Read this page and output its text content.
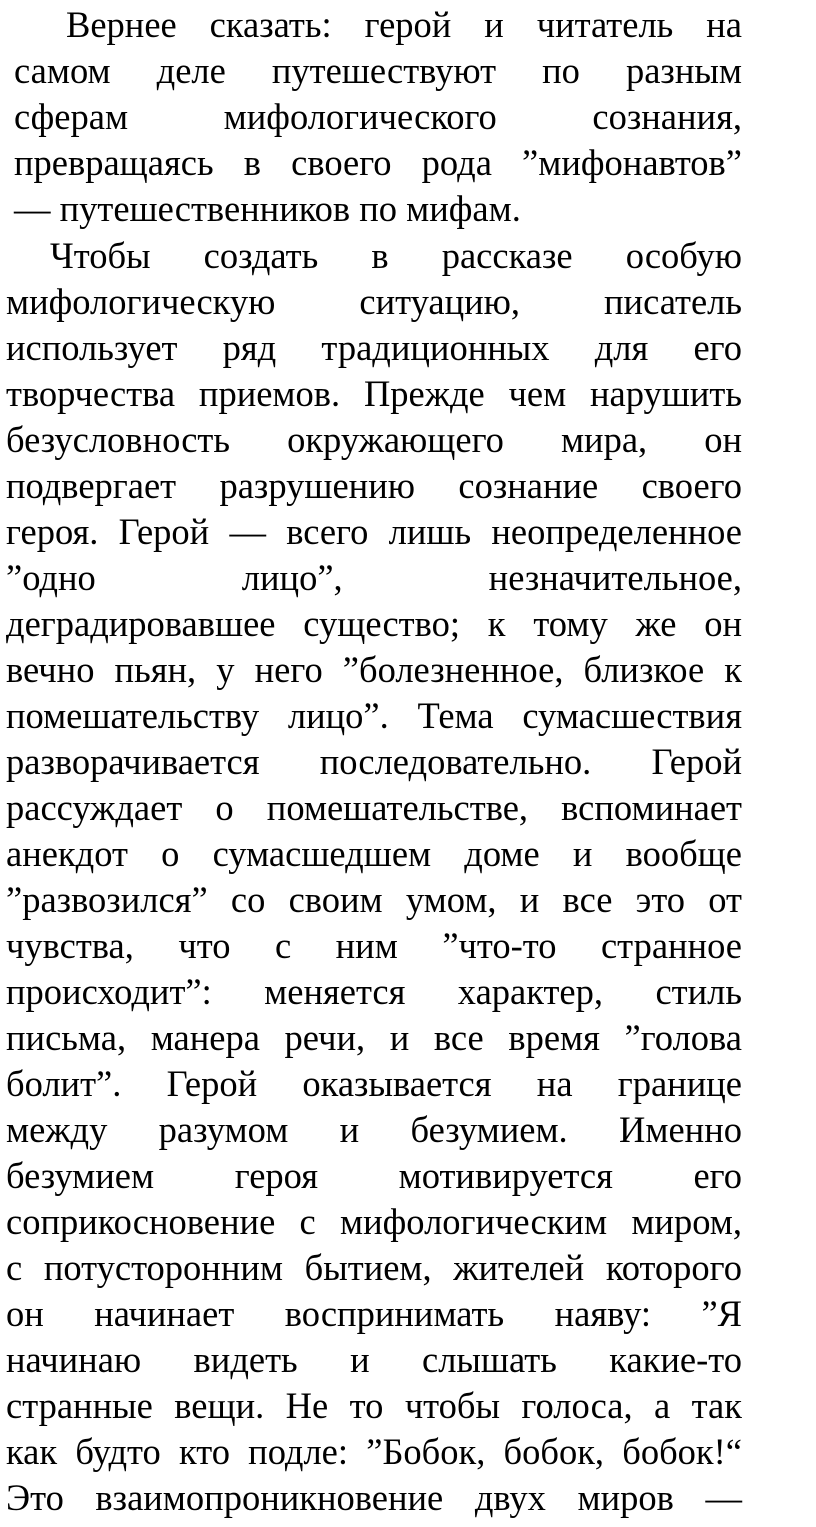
Вернее сказать: герой и читатель на
самом деле путешествуют по разным
сферам мифологического сознания,
превращаясь в своего рода ”мифонавтов”
— путешественников по мифам.
Чтобы создать в рассказе особую
мифологическую ситуацию, писатель
использует ряд традиционных для его
творчества приемов. Прежде чем нарушить
безусловность окружающего мира, он
подвергает разрушению сознание своего
героя. Герой — всего лишь неопределенное
”одно лицо”, незначительное,
деградировавшее существо; к тому же он
вечно пьян, у него ”болезненное, близкое к
помешательству лицо”. Тема сумасшествия
разворачивается последовательно. Герой
рассуждает о помешательстве, вспоминает
анекдот о сумасшедшем доме и вообще
”развозился” со своим умом, и все это от
чувства, что с ним ”что-то странное
происходит”: меняется характер, стиль
письма, манера речи, и все время ”голова
болит”. Герой оказывается на границе
между разумом и безумием. Именно
безумием героя мотивируется его
соприкосновение с мифологическим миром,
с потусторонним бытием, жителей которого
он начинает воспринимать наяву: ”Я
начинаю видеть и слышать какие-то
странные вещи. Не то чтобы голоса, а так
как будто кто подле: ”Бобок, бобок, бобок!“
Это взаимопроникновение двух миров —
